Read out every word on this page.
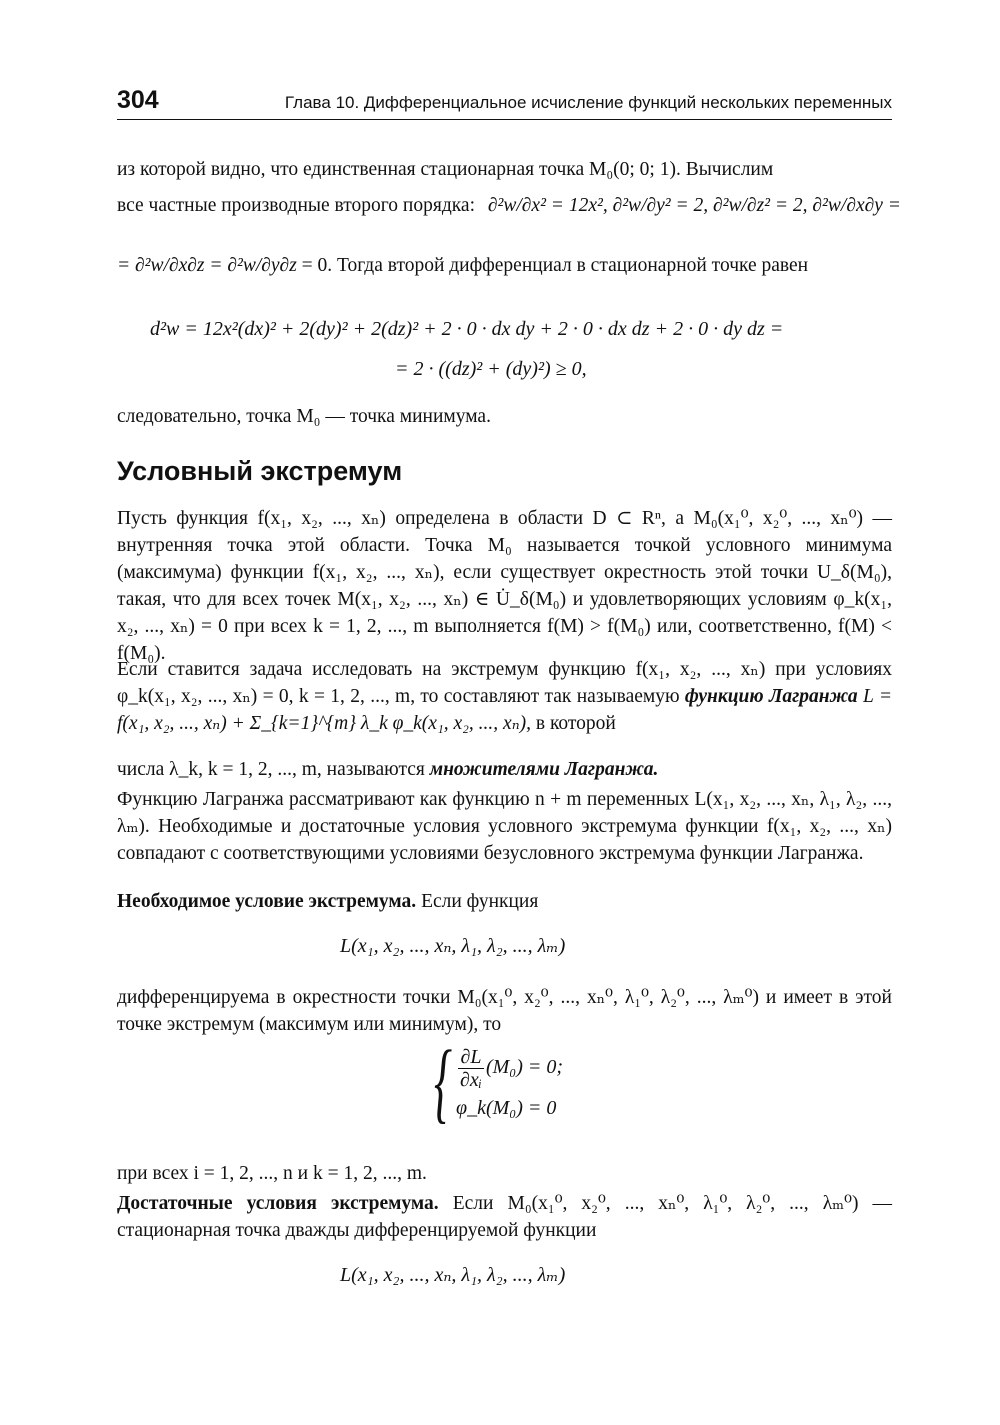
304	Глава 10. Дифференциальное исчисление функций нескольких переменных
из которой видно, что единственная стационарная точка M₀(0; 0; 1). Вычислим
все частные производные второго порядка: ∂²w/∂x² = 12x², ∂²w/∂y² = 2, ∂²w/∂z² = 2, ∂²w/∂x∂y =
= ∂²w/∂x∂z = ∂²w/∂y∂z = 0. Тогда второй дифференциал в стационарной точке равен
d²w = 12x²(dx)² + 2(dy)² + 2(dz)² + 2 · 0 · dx dy + 2 · 0 · dx dz + 2 · 0 · dy dz =
= 2 · ((dz)² + (dy)²) ≥ 0,
следовательно, точка M₀ — точка минимума.
Условный экстремум
Пусть функция f(x₁, x₂, ..., xₙ) определена в области D ⊂ Rⁿ, а M₀(x₁⁰, x₂⁰, ..., xₙ⁰) — внутренняя точка этой области. Точка M₀ называется точкой условного минимума (максимума) функции f(x₁, x₂, ..., xₙ), если существует окрестность этой точки U_δ(M₀), такая, что для всех точек M(x₁, x₂, ..., xₙ) ∈ U̇_δ(M₀) и удовлетворяющих условиям φ_k(x₁, x₂, ..., xₙ) = 0 при всех k = 1, 2, ..., m выполняется f(M) > f(M₀) или, соответственно, f(M) < f(M₀).
Если ставится задача исследовать на экстремум функцию f(x₁, x₂, ..., xₙ) при условиях φ_k(x₁, x₂, ..., xₙ) = 0, k = 1, 2, ..., m, то составляют так называемую функцию Лагранжа L = f(x₁, x₂, ..., xₙ) + Σ_{k=1}^{m} λ_k φ_k(x₁, x₂, ..., xₙ), в которой
числа λ_k, k = 1, 2, ..., m, называются множителями Лагранжа.
Функцию Лагранжа рассматривают как функцию n + m переменных L(x₁, x₂, ..., xₙ, λ₁, λ₂, ..., λₘ). Необходимые и достаточные условия условного экстремума функции f(x₁, x₂, ..., xₙ) совпадают с соответствующими условиями безусловного экстремума функции Лагранжа.
Необходимое условие экстремума. Если функция
L(x₁, x₂, ..., xₙ, λ₁, λ₂, ..., λₘ)
дифференцируема в окрестности точки M₀(x₁⁰, x₂⁰, ..., xₙ⁰, λ₁⁰, λ₂⁰, ..., λₘ⁰) и имеет в этой точке экстремум (максимум или минимум), то
{ $\frac{\partial L}{\text{∂xᵢ}} (M_0) = 0$;
φ_k(M₀) = 0
при всех i = 1, 2, ..., n и k = 1, 2, ..., m.
Достаточные условия экстремума. Если M₀(x₁⁰, x₂⁰, ..., xₙ⁰, λ₁⁰, λ₂⁰, ..., λₘ⁰) — стационарная точка дважды дифференцируемой функции
L(x₁, x₂, ..., xₙ, λ₁, λ₂, ..., λₘ)
